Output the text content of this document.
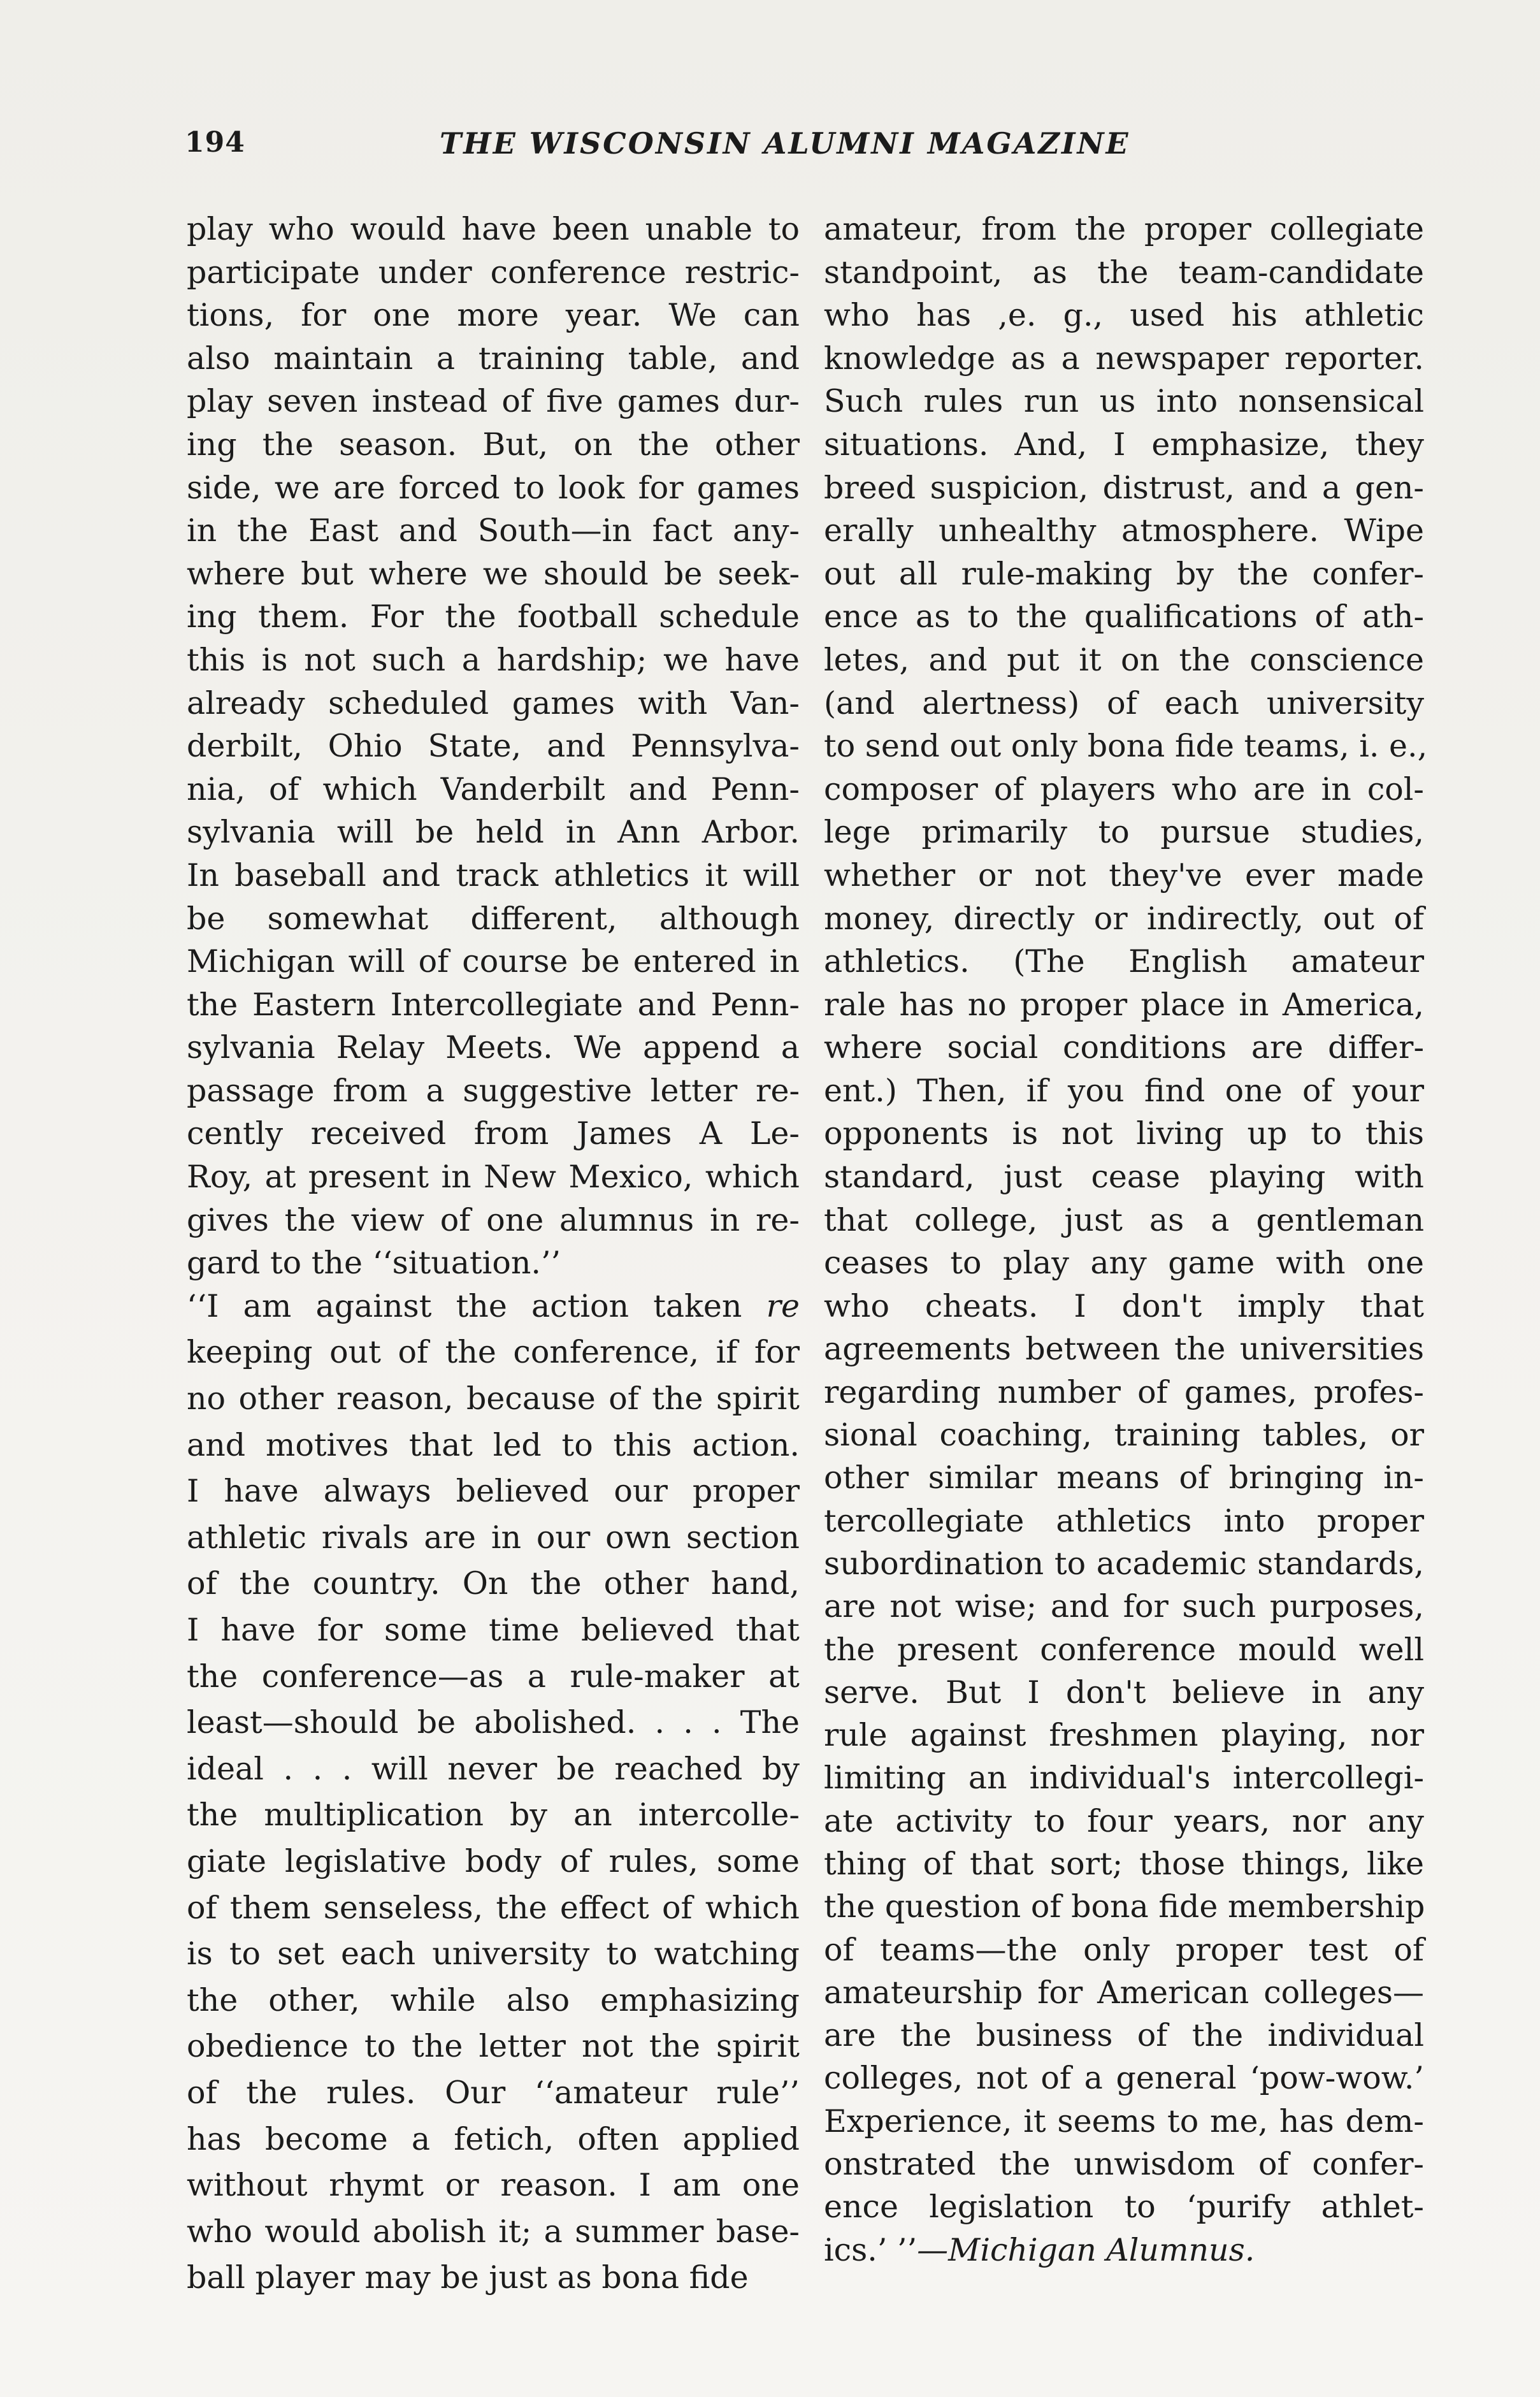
194	THE WISCONSIN ALUMNI MAGAZINE
play who would have been unable to
participate under conference restric-
tions, for one more year. We can
also maintain a training table, and
play seven instead of five games dur-
ing the season. But, on the other
side, we are forced to look for games
in the East and South—in fact any-
where but where we should be seek-
ing them. For the football schedule
this is not such a hardship; we have
already scheduled games with Van-
derbilt, Ohio State, and Pennsylva-
nia, of which Vanderbilt and Penn-
sylvania will be held in Ann Arbor.
In baseball and track athletics it will
be somewhat different, although
Michigan will of course be entered in
the Eastern Intercollegiate and Penn-
sylvania Relay Meets. We append a
passage from a suggestive letter re-
cently received from James A Le-
Roy, at present in New Mexico, which
gives the view of one alumnus in re-
gard to the ‘‘situation.’’
‘‘I am against the action taken re
keeping out of the conference, if for
no other reason, because of the spirit
and motives that led to this action.
I have always believed our proper
athletic rivals are in our own section
of the country. On the other hand,
I have for some time believed that
the conference—as a rule-maker at
least—should be abolished. . . . The
ideal . . . will never be reached by
the multiplication by an intercolle-
giate legislative body of rules, some
of them senseless, the effect of which
is to set each university to watching
the other, while also emphasizing
obedience to the letter not the spirit
of the rules. Our ‘‘amateur rule’’
has become a fetich, often applied
without rhymt or reason. I am one
who would abolish it; a summer base-
ball player may be just as bona fide
amateur, from the proper collegiate
standpoint, as the team-candidate
who has ,e. g., used his athletic
knowledge as a newspaper reporter.
Such rules run us into nonsensical
situations. And, I emphasize, they
breed suspicion, distrust, and a gen-
erally unhealthy atmosphere. Wipe
out all rule-making by the confer-
ence as to the qualifications of ath-
letes, and put it on the conscience
(and alertness) of each university
to send out only bona fide teams, i. e.,
composer of players who are in col-
lege primarily to pursue studies,
whether or not they've ever made
money, directly or indirectly, out of
athletics. (The English amateur
rale has no proper place in America,
where social conditions are differ-
ent.) Then, if you find one of your
opponents is not living up to this
standard, just cease playing with
that college, just as a gentleman
ceases to play any game with one
who cheats. I don't imply that
agreements between the universities
regarding number of games, profes-
sional coaching, training tables, or
other similar means of bringing in-
tercollegiate athletics into proper
subordination to academic standards,
are not wise; and for such purposes,
the present conference mould well
serve. But I don't believe in any
rule against freshmen playing, nor
limiting an individual's intercollegi-
ate activity to four years, nor any
thing of that sort; those things, like
the question of bona fide membership
of teams—the only proper test of
amateurship for American colleges—
are the business of the individual
colleges, not of a general ‘pow-wow.’
Experience, it seems to me, has dem-
onstrated the unwisdom of confer-
ence legislation to ‘purify athlet-
ics.’ ’’—Michigan Alumnus.
